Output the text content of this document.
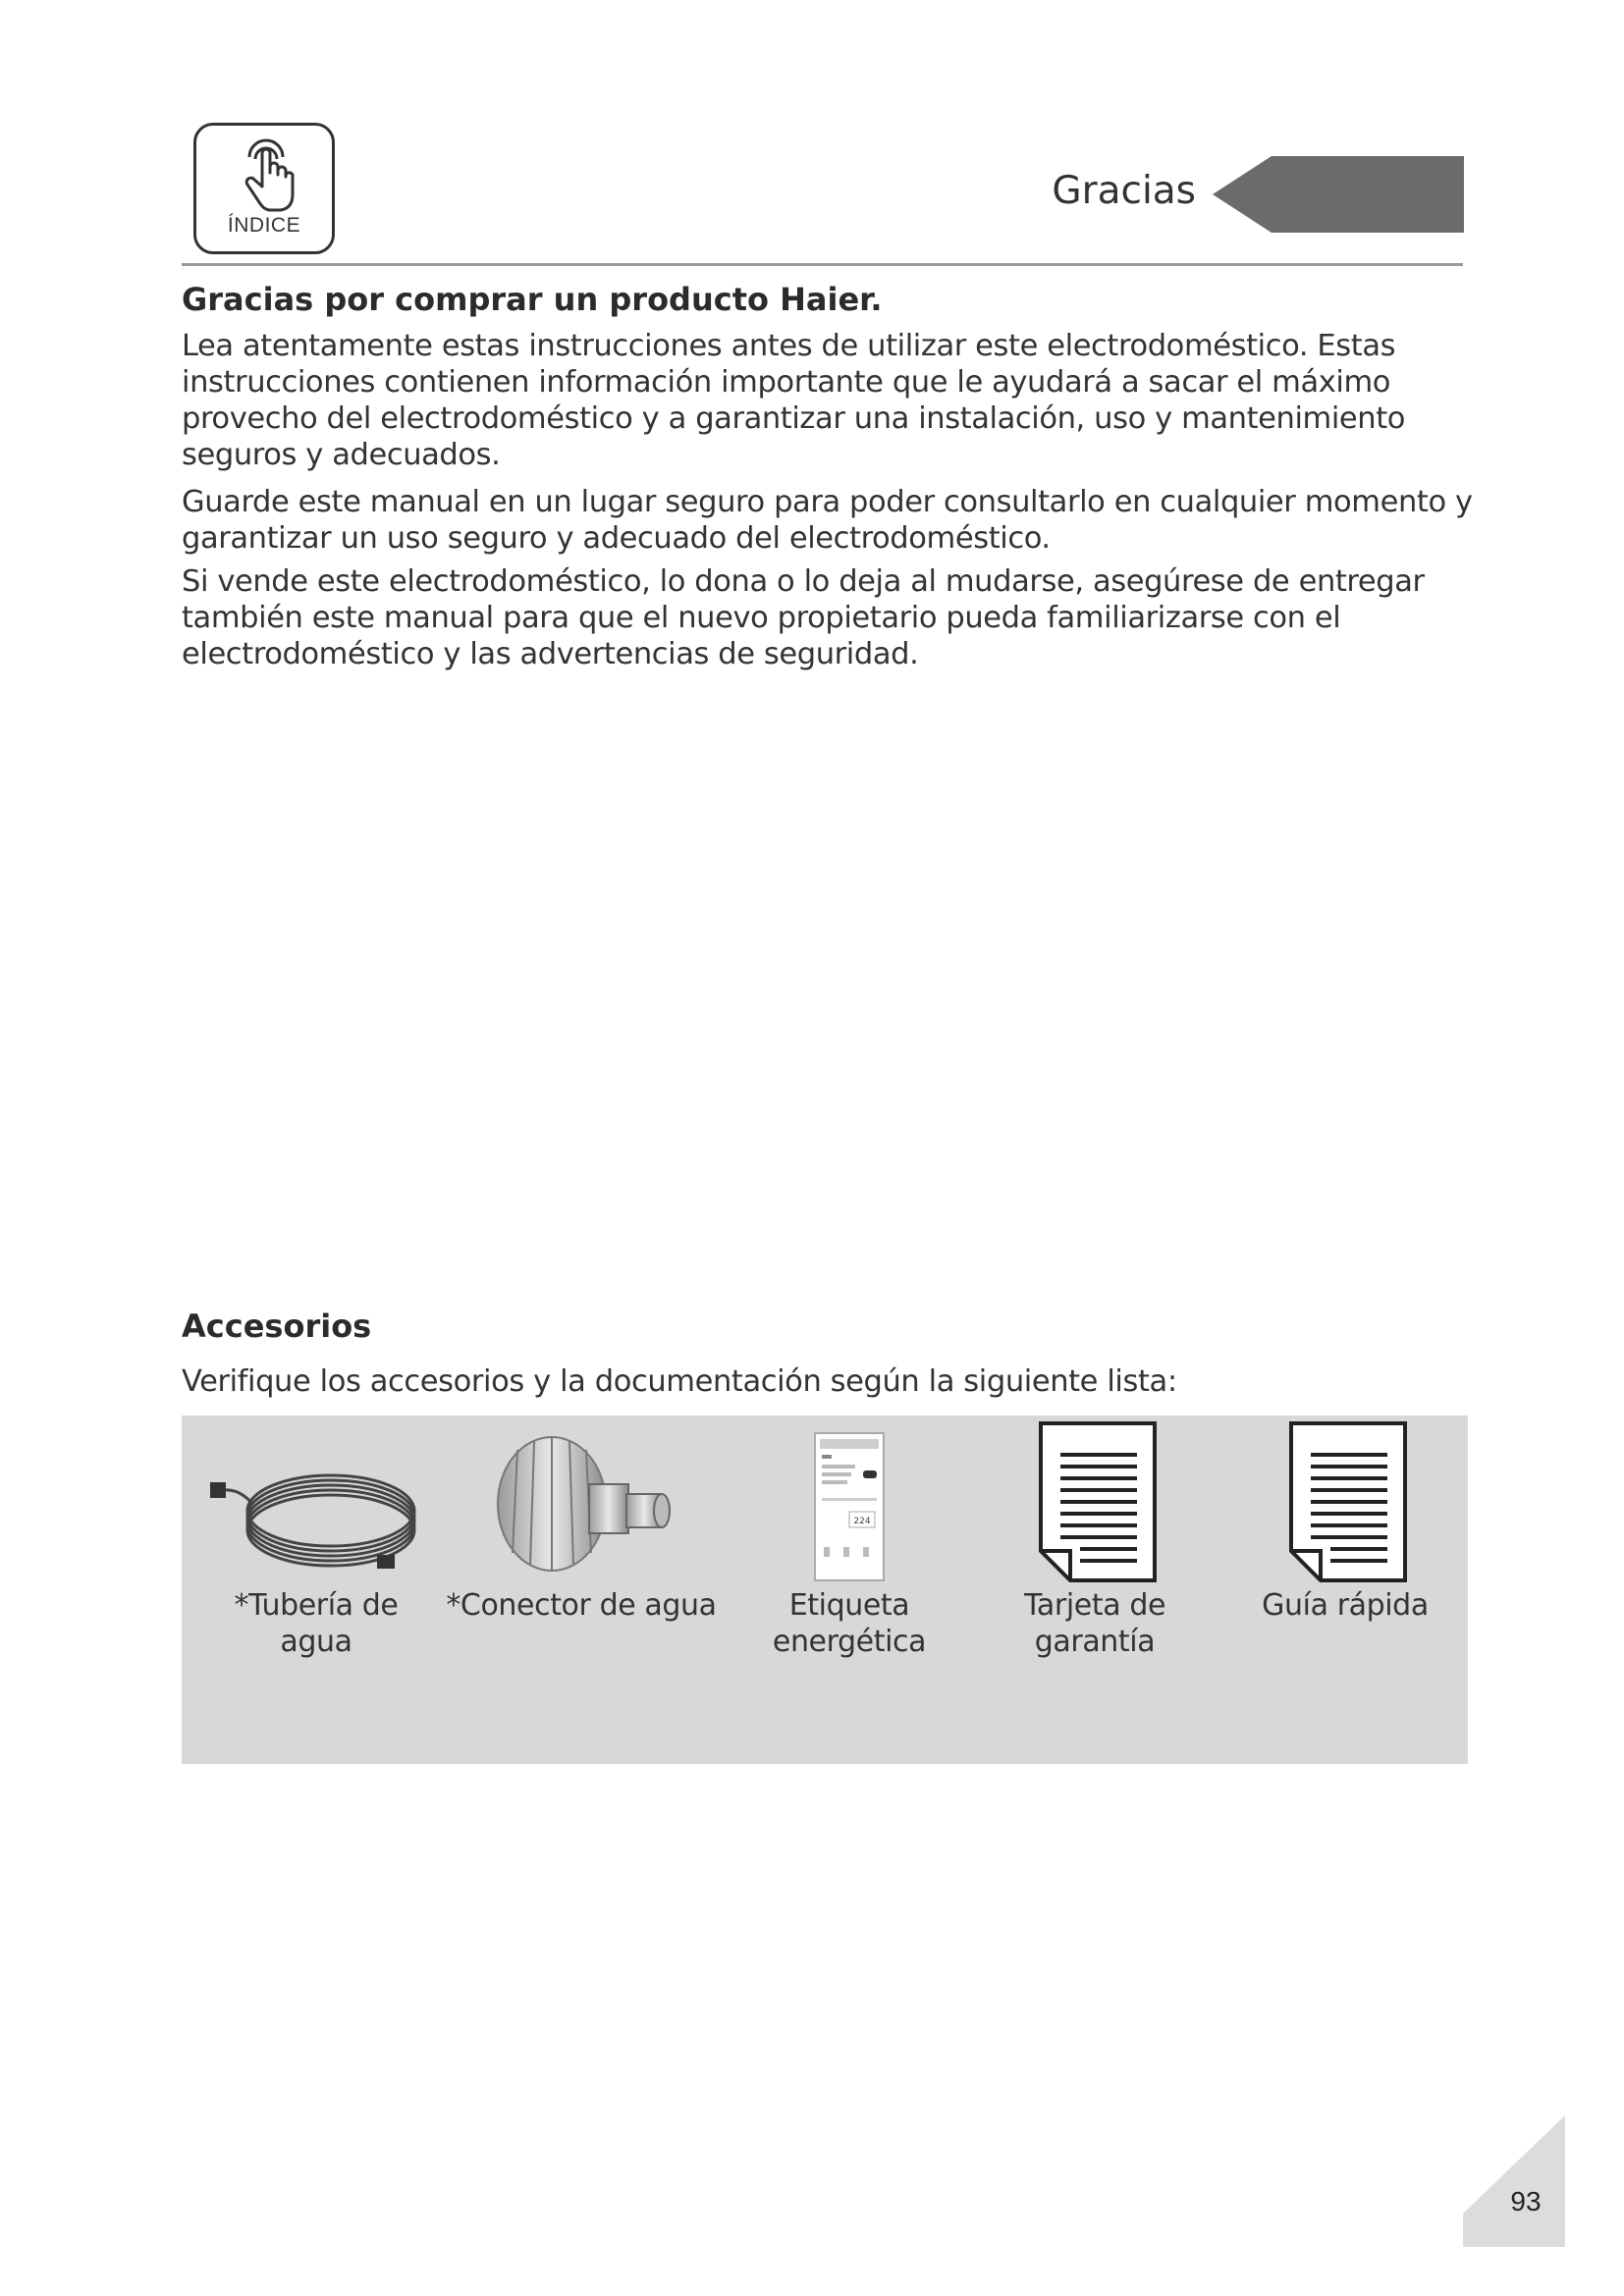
ÍNDICE
Gracias
Gracias por comprar un producto Haier.

Lea atentamente estas instrucciones antes de utilizar este electrodoméstico. Estas instrucciones contienen información importante que le ayudará a sacar el máximo provecho del electrodoméstico y a garantizar una instalación, uso y mantenimiento seguros y adecuados.

Guarde este manual en un lugar seguro para poder consultarlo en cualquier momento y garantizar un uso seguro y adecuado del electrodoméstico.

Si vende este electrodoméstico, lo dona o lo deja al mudarse, asegúrese de entregar también este manual para que el nuevo propietario pueda familiarizarse con el electrodoméstico y las advertencias de seguridad.

Accesorios

Verifique los accesorios y la documentación según la siguiente lista:

*Tubería de
agua
*Conector de agua
224
Etiqueta
energética
Tarjeta de
garantía
Guía rápida
93
